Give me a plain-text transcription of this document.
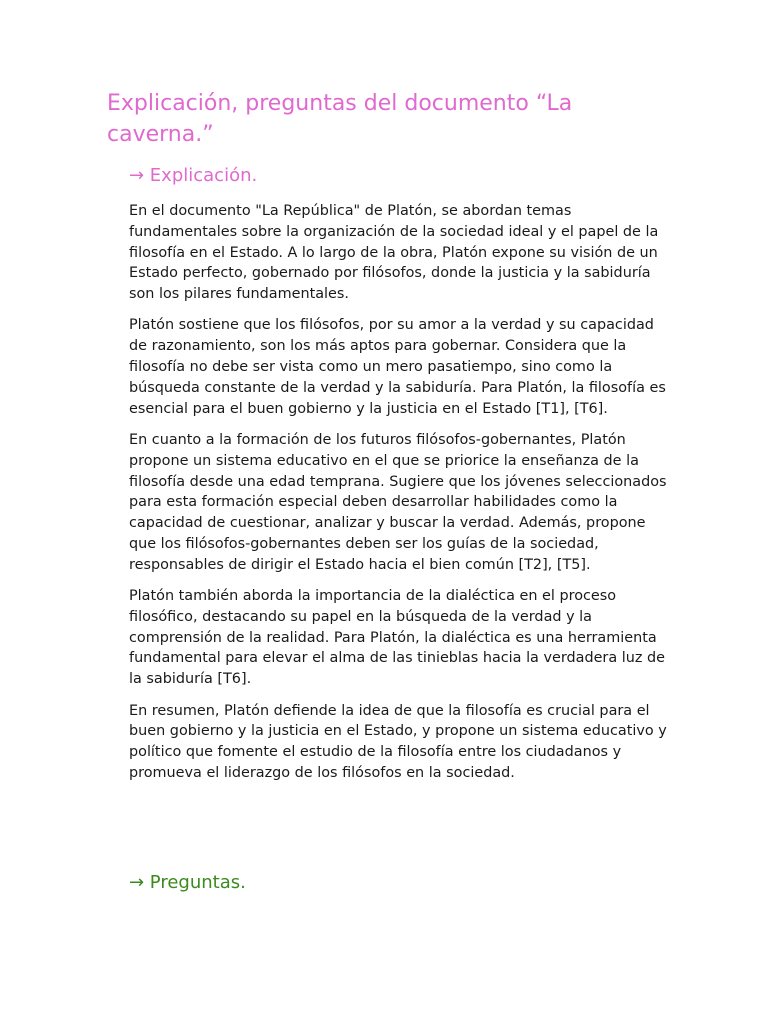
Explicación, preguntas del documento “La caverna.”
→ Explicación.

En el documento "La República" de Platón, se abordan temas fundamentales sobre la organización de la sociedad ideal y el papel de la filosofía en el Estado. A lo largo de la obra, Platón expone su visión de un Estado perfecto, gobernado por filósofos, donde la justicia y la sabiduría son los pilares fundamentales.

Platón sostiene que los filósofos, por su amor a la verdad y su capacidad de razonamiento, son los más aptos para gobernar. Considera que la filosofía no debe ser vista como un mero pasatiempo, sino como la búsqueda constante de la verdad y la sabiduría. Para Platón, la filosofía es esencial para el buen gobierno y la justicia en el Estado [T1], [T6].

En cuanto a la formación de los futuros filósofos-gobernantes, Platón propone un sistema educativo en el que se priorice la enseñanza de la filosofía desde una edad temprana. Sugiere que los jóvenes seleccionados para esta formación especial deben desarrollar habilidades como la capacidad de cuestionar, analizar y buscar la verdad. Además, propone que los filósofos-gobernantes deben ser los guías de la sociedad, responsables de dirigir el Estado hacia el bien común [T2], [T5].

Platón también aborda la importancia de la dialéctica en el proceso filosófico, destacando su papel en la búsqueda de la verdad y la comprensión de la realidad. Para Platón, la dialéctica es una herramienta fundamental para elevar el alma de las tinieblas hacia la verdadera luz de la sabiduría [T6].

En resumen, Platón defiende la idea de que la filosofía es crucial para el buen gobierno y la justicia en el Estado, y propone un sistema educativo y político que fomente el estudio de la filosofía entre los ciudadanos y promueva el liderazgo de los filósofos en la sociedad.

→ Preguntas.
